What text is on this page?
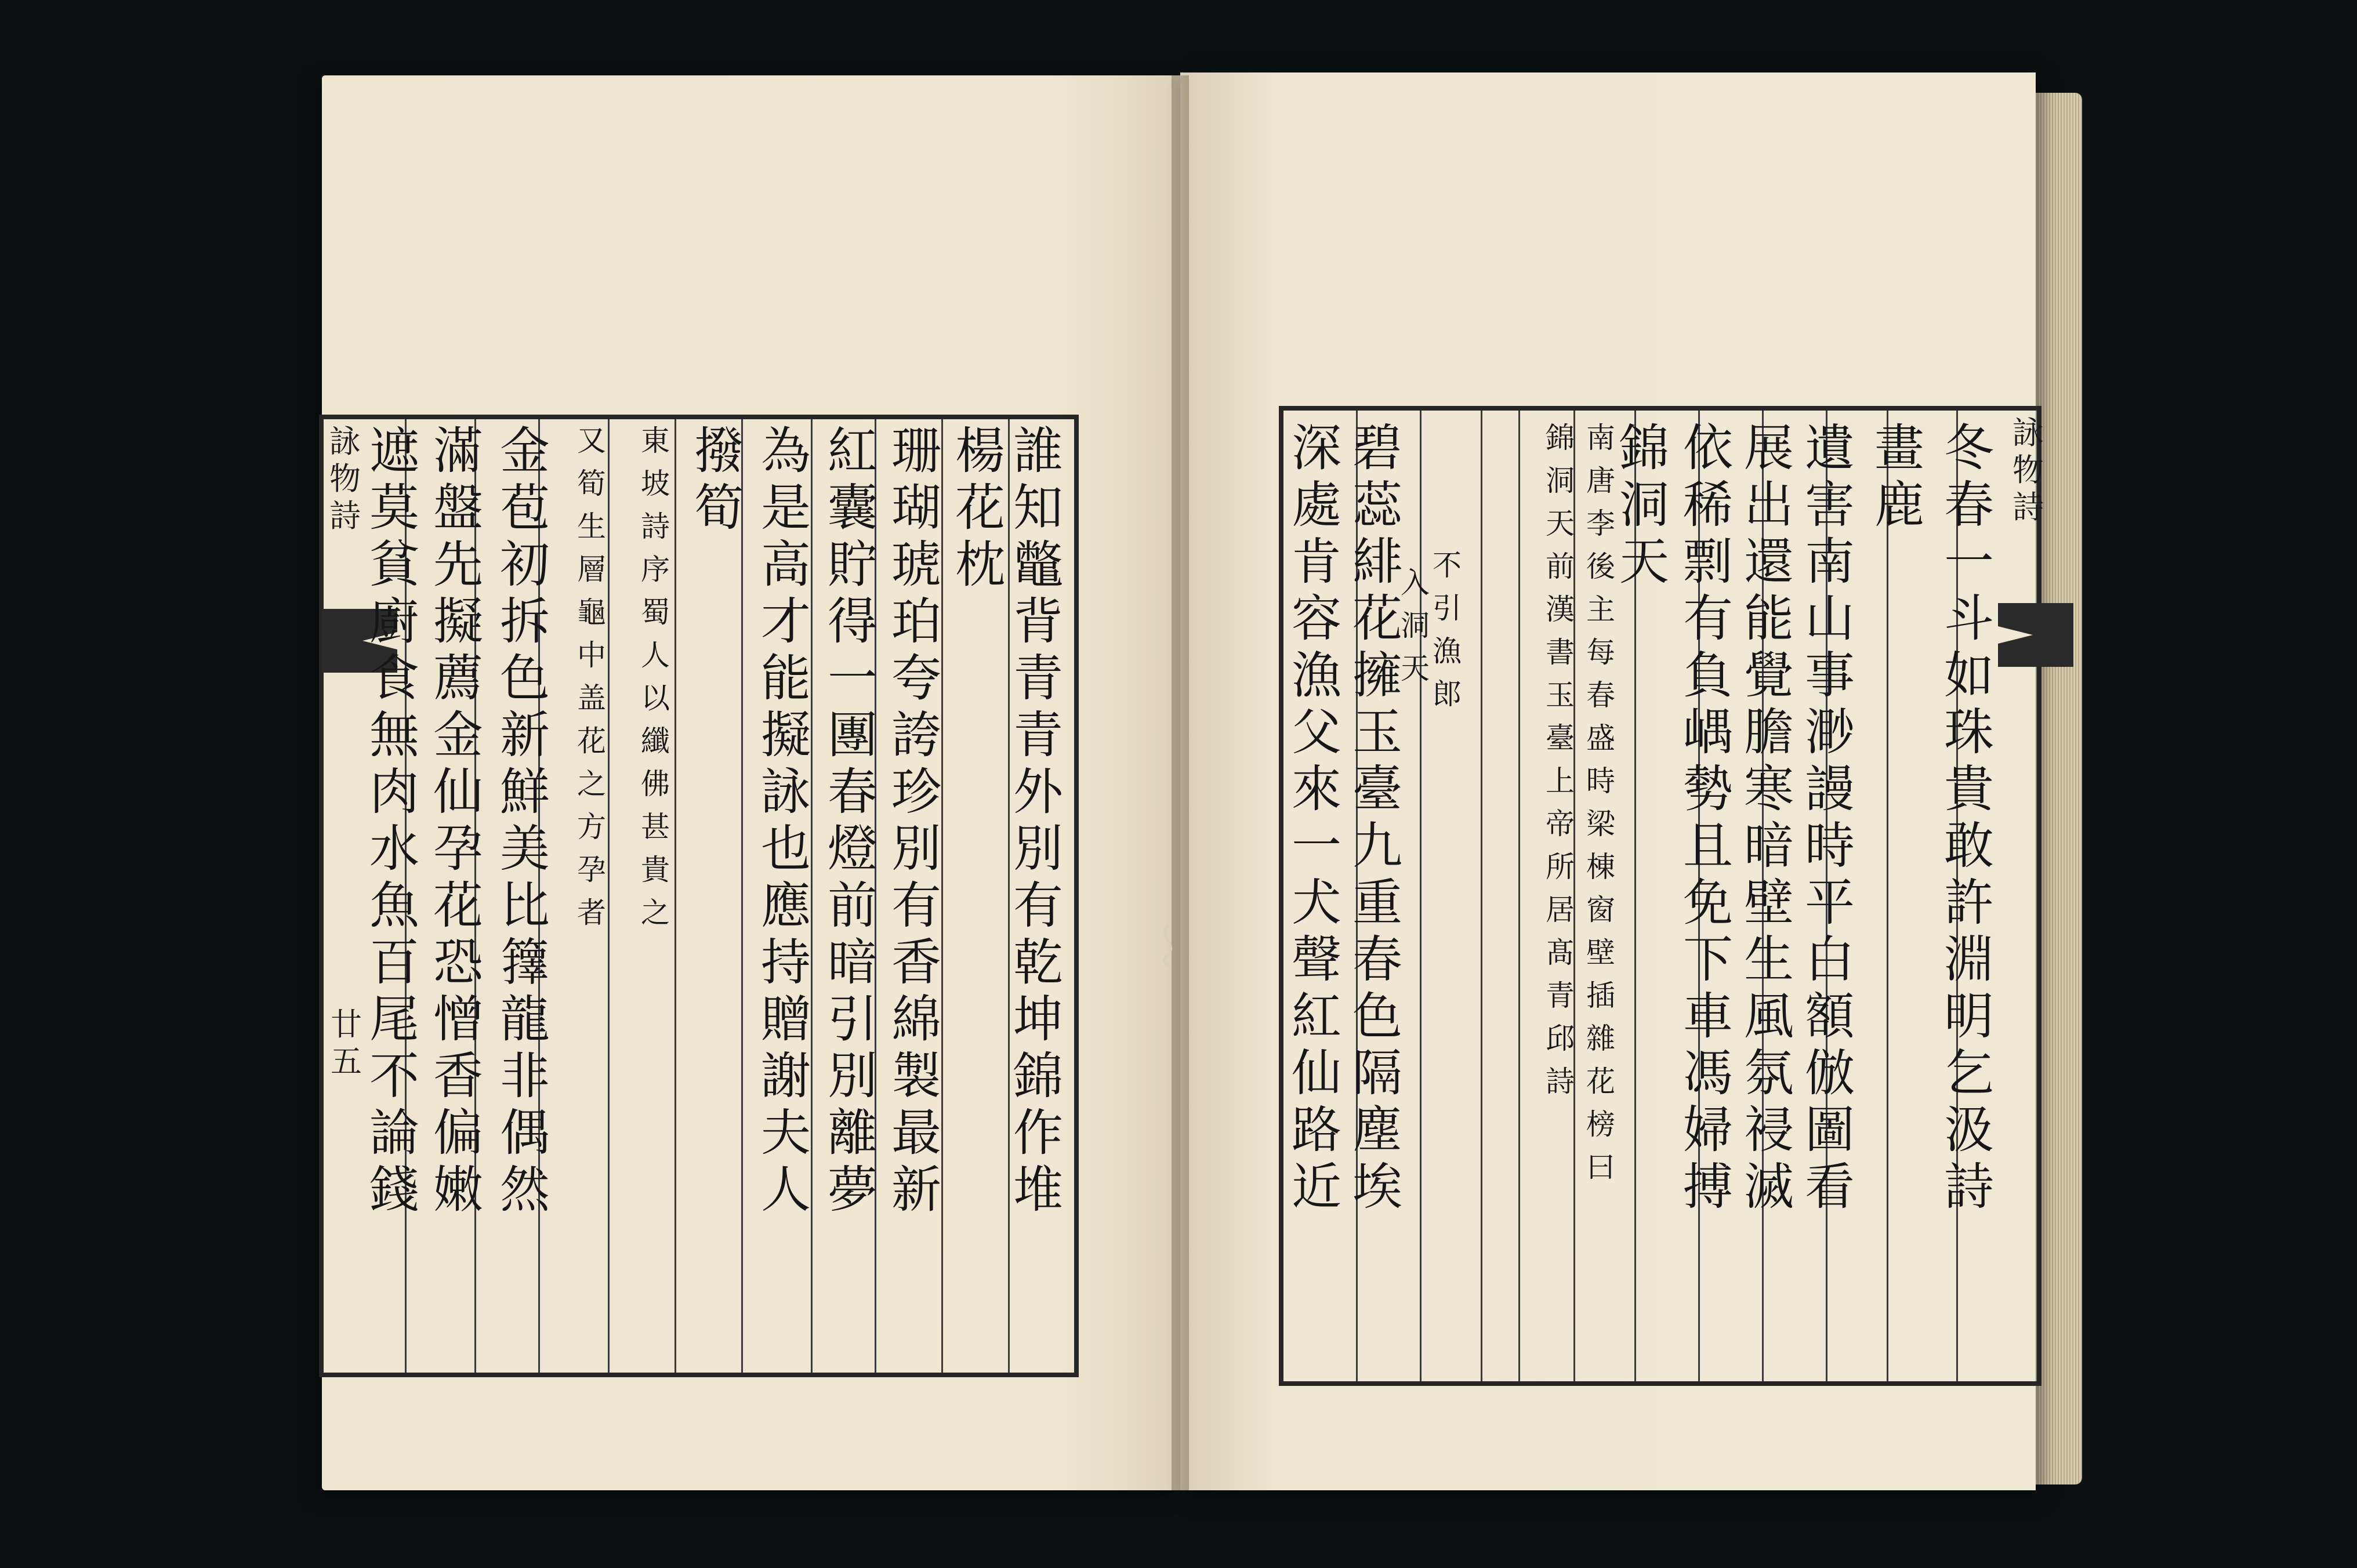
詠
物
詩
廿
五
詠
物
詩
誰
知
鼈
背
青
青
外
別
有
乾
坤
錦
作
堆
楊
花
枕
珊
瑚
琥
珀
夸
誇
珍
別
有
香
綿
製
最
新
紅
囊
貯
得
一
團
春
燈
前
暗
引
別
離
夢
為
是
高
才
能
擬
詠
也
應
持
贈
謝
夫
人
撥
筍
東
坡
詩
序
蜀
人
以
纖
佛
甚
貴
之
又
筍
生
層
龜
中
盖
花
之
方
孕
者
金
苞
初
拆
色
新
鮮
美
比
籜
龍
非
偶
然
滿
盤
先
擬
薦
金
仙
孕
花
恐
憎
香
偏
嫩
遮
莫
貧
廚
食
無
肉
水
魚
百
尾
不
論
錢
冬
春
一
斗
如
珠
貴
敢
許
淵
明
乞
汲
詩
畫
鹿
遺
害
南
山
事
渺
謾
時
平
白
額
倣
圖
看
展
出
還
能
覺
膽
寒
暗
壁
生
風
氛
祲
滅
依
稀
剽
有
負
嵎
勢
且
免
下
車
馮
婦
搏
錦
洞
天
南
唐
李
後
主
每
春
盛
時
梁
棟
窗
壁
插
雜
花
榜
曰
錦
洞
天
前
漢
書
玉
臺
上
帝
所
居
髙
青
邱
詩
不
引
漁
郎
入
洞
天
碧
蕊
緋
花
擁
玉
臺
九
重
春
色
隔
塵
埃
深
處
肯
容
漁
父
來
一
犬
聲
紅
仙
路
近
